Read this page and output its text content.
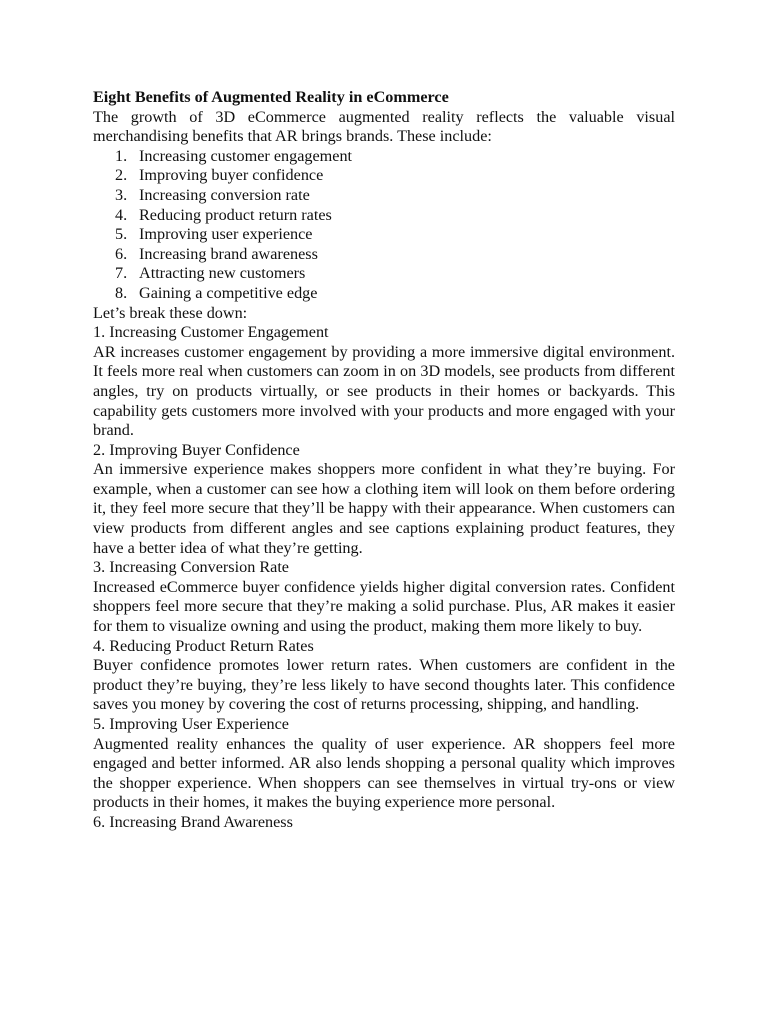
Eight Benefits of Augmented Reality in eCommerce

The growth of 3D eCommerce augmented reality reflects the valuable visual merchandising benefits that AR brings brands. These include:

1. Increasing customer engagement
2. Improving buyer confidence
3. Increasing conversion rate
4. Reducing product return rates
5. Improving user experience
6. Increasing brand awareness
7. Attracting new customers
8. Gaining a competitive edge

Let’s break these down:

1. Increasing Customer Engagement

AR increases customer engagement by providing a more immersive digital environment. It feels more real when customers can zoom in on 3D models, see products from different angles, try on products virtually, or see products in their homes or backyards. This capability gets customers more involved with your products and more engaged with your brand.

2. Improving Buyer Confidence

An immersive experience makes shoppers more confident in what they’re buying. For example, when a customer can see how a clothing item will look on them before ordering it, they feel more secure that they’ll be happy with their appearance. When customers can view products from different angles and see captions explaining product features, they have a better idea of what they’re getting.

3. Increasing Conversion Rate

Increased eCommerce buyer confidence yields higher digital conversion rates. Confident shoppers feel more secure that they’re making a solid purchase. Plus, AR makes it easier for them to visualize owning and using the product, making them more likely to buy.

4. Reducing Product Return Rates

Buyer confidence promotes lower return rates. When customers are confident in the product they’re buying, they’re less likely to have second thoughts later. This confidence saves you money by covering the cost of returns processing, shipping, and handling.

5. Improving User Experience

Augmented reality enhances the quality of user experience. AR shoppers feel more engaged and better informed. AR also lends shopping a personal quality which improves the shopper experience. When shoppers can see themselves in virtual try-ons or view products in their homes, it makes the buying experience more personal.

6. Increasing Brand Awareness
